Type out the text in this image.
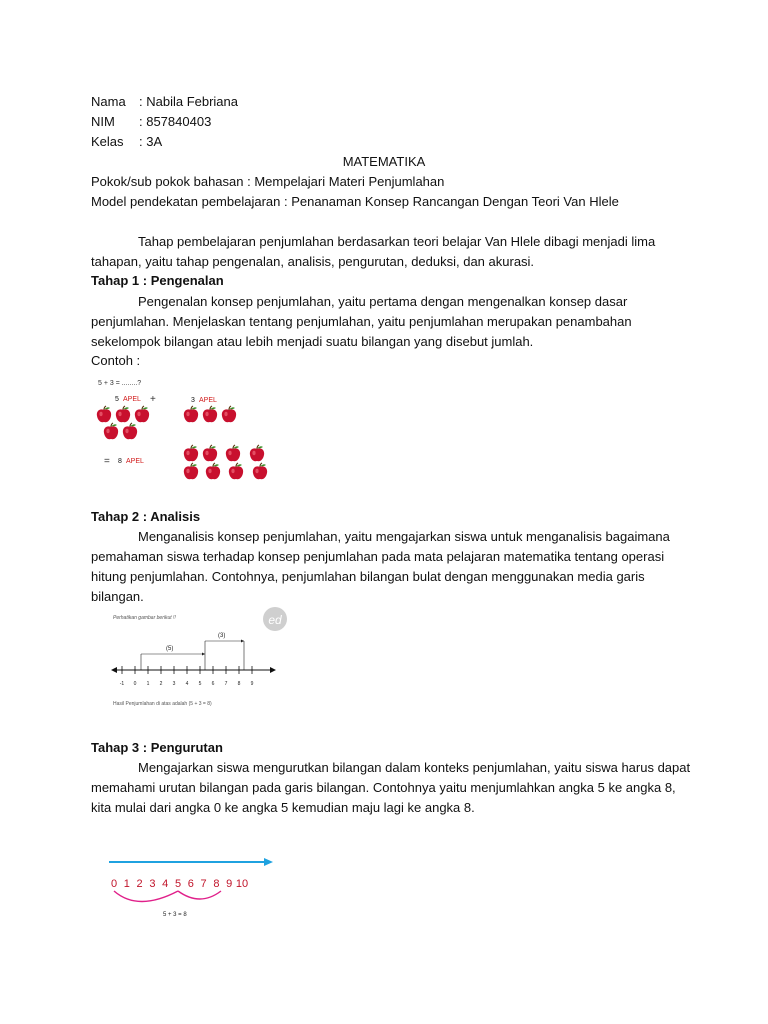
Nama : Nabila Febriana
NIM : 857840403
Kelas : 3A
MATEMATIKA
Pokok/sub pokok bahasan : Mempelajari Materi Penjumlahan
Model pendekatan pembelajaran : Penanaman Konsep Rancangan Dengan Teori Van Hlele
Tahap pembelajaran penjumlahan berdasarkan teori belajar Van Hlele dibagi menjadi lima
tahapan, yaitu tahap pengenalan, analisis, pengurutan, deduksi, dan akurasi.
Tahap 1 : Pengenalan
Pengenalan konsep penjumlahan, yaitu pertama dengan mengenalkan konsep dasar
penjumlahan. Menjelaskan tentang penjumlahan, yaitu penjumlahan merupakan penambahan
sekelompok bilangan atau lebih menjadi suatu bilangan yang disebut jumlah.
Contoh :
5 + 3 = ........?
5 APEL +	3 APEL
= 8 APEL
Tahap 2 : Analisis
Menganalisis konsep penjumlahan, yaitu mengajarkan siswa untuk menganalisis bagaimana
pemahaman siswa terhadap konsep penjumlahan pada mata pelajaran matematika tentang operasi
hitung penjumlahan. Contohnya, penjumlahan bilangan bulat dengan menggunakan media garis
bilangan.
Perhatikan gambar berikut !!	ed
(5)
(3)
-1 0 1 2 3 4 5 6 7 8 9
Hasil Penjumlahan di atas adalah (5 + 3 = 8)
Tahap 3 : Pengurutan
Mengajarkan siswa mengurutkan bilangan dalam konteks penjumlahan, yaitu siswa harus dapat
memahami urutan bilangan pada garis bilangan. Contohnya yaitu menjumlahkan angka 5 ke angka 8,
kita mulai dari angka 0 ke angka 5 kemudian maju lagi ke angka 8.
0 1 2 3 4 5 6 7 8 9 10
5 + 3 = 8
